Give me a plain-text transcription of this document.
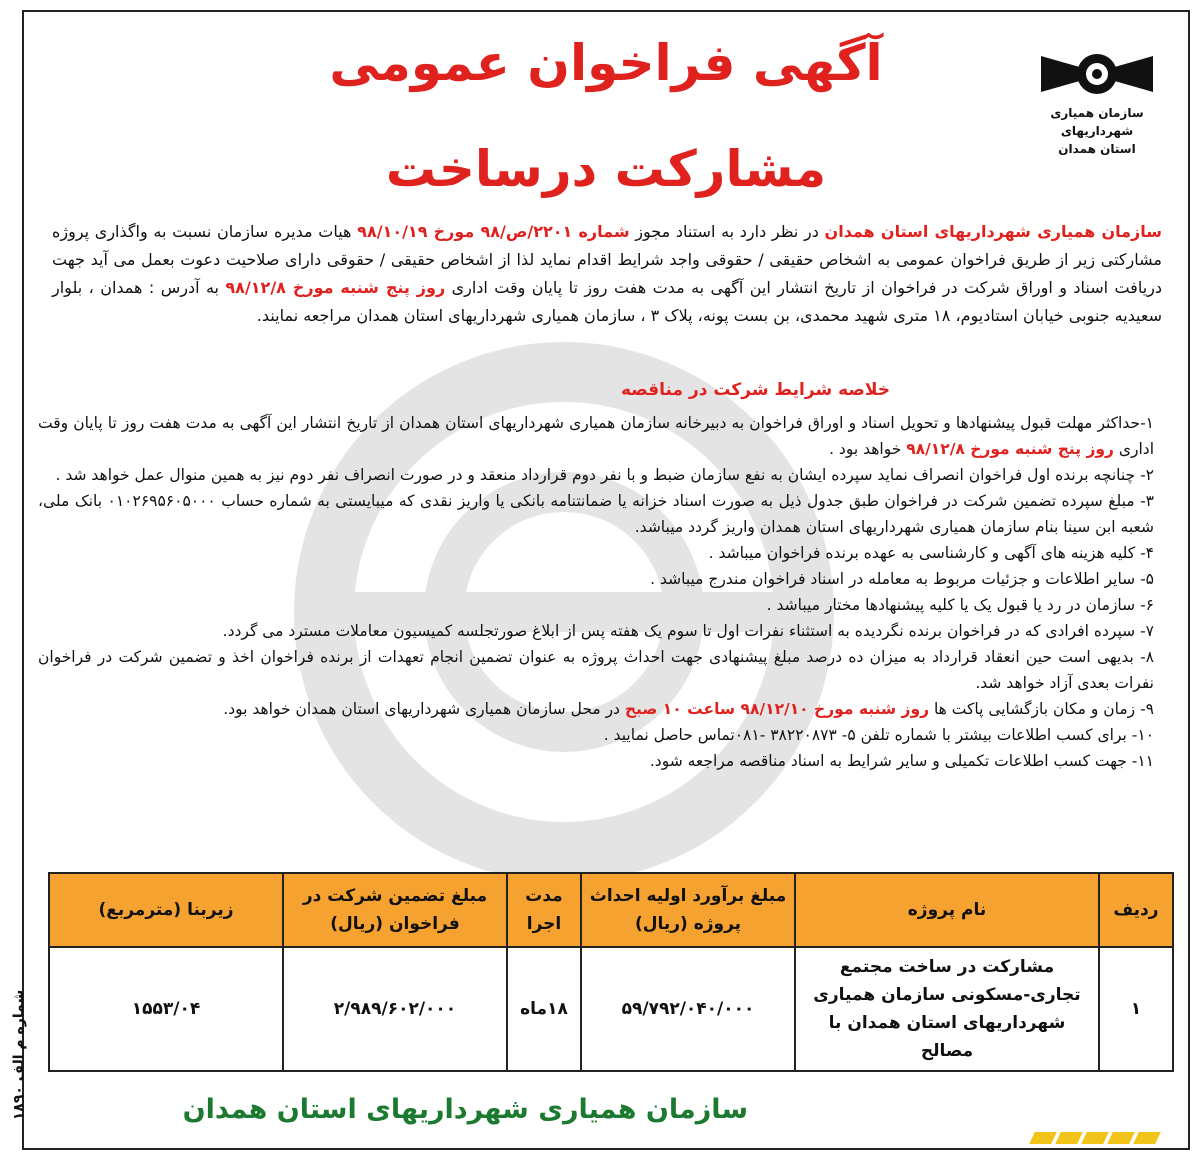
سازمان همیاری شهرداریهای
استان همدان
آگهی فراخوان عمومی
مشارکت درساخت
سازمان همیاری شهرداریهای استان همدان در نظر دارد به استناد مجوز شماره ۲۲۰۱/ص/۹۸ مورخ ۹۸/۱۰/۱۹ هیات مدیره سازمان نسبت به واگذاری پروژه مشارکتی زیر از طریق فراخوان عمومی به اشخاص حقیقی / حقوقی واجد شرایط اقدام نماید لذا از اشخاص حقیقی / حقوقی دارای صلاحیت دعوت بعمل می آید جهت دریافت اسناد و اوراق شرکت در فراخوان از تاریخ انتشار این آگهی به مدت هفت روز تا پایان وقت اداری روز پنج شنبه مورخ ۹۸/۱۲/۸ به آدرس : همدان ، بلوار سعیدیه جنوبی خیابان استادیوم، ۱۸ متری شهید محمدی، بن بست پونه، پلاک ۳ ، سازمان همیاری شهرداریهای استان همدان مراجعه نمایند.
خلاصه شرایط شرکت در مناقصه
۱-حداکثر مهلت قبول پیشنهادها و تحویل اسناد و اوراق فراخوان به دبیرخانه سازمان همیاری شهرداریهای استان همدان از تاریخ انتشار این آگهی به مدت هفت روز تا پایان وقت اداری روز پنج شنبه مورخ ۹۸/۱۲/۸ خواهد بود .
۲- چنانچه برنده اول فراخوان انصراف نماید سپرده ایشان به نفع سازمان ضبط و با نفر دوم قرارداد منعقد و در صورت انصراف نفر دوم نیز به همین منوال عمل خواهد شد .
۳- مبلغ سپرده تضمین شرکت در فراخوان طبق جدول ذیل به صورت اسناد خزانه یا ضمانتنامه بانکی یا واریز نقدی که میبایستی به شماره حساب ۰۱۰۲۶۹۵۶۰۵۰۰۰ بانک ملی، شعبه ابن سینا بنام سازمان همیاری شهرداریهای استان همدان واریز گردد میباشد.
۴- کلیه هزینه های آگهی و کارشناسی به عهده برنده فراخوان میباشد .
۵- سایر اطلاعات و جزئیات مربوط به معامله در اسناد فراخوان مندرج میباشد .
۶- سازمان در رد یا قبول یک یا کلیه پیشنهادها مختار میباشد .
۷- سپرده افرادی که در فراخوان برنده نگردیده به استثناء نفرات اول تا سوم یک هفته پس از ابلاغ صورتجلسه کمیسیون معاملات مسترد می گردد.
۸- بدیهی است حین انعقاد قرارداد به میزان ده درصد مبلغ پیشنهادی جهت احداث پروژه به عنوان تضمین انجام تعهدات از برنده فراخوان اخذ و تضمین شرکت در فراخوان نفرات بعدی آزاد خواهد شد.
۹- زمان و مکان بازگشایی پاکت ها روز شنبه مورخ ۹۸/۱۲/۱۰ ساعت ۱۰ صبح در محل سازمان همیاری شهرداریهای استان همدان خواهد بود.
۱۰- برای کسب اطلاعات بیشتر با شماره تلفن ۵- ۳۸۲۲۰۸۷۳ -۰۸۱تماس حاصل نمایید .
۱۱- جهت کسب اطلاعات تکمیلی و سایر شرایط به اسناد مناقصه مراجعه شود.
ردیف	نام پروژه	مبلغ برآورد اولیه احداث پروژه (ریال)	مدت اجرا	مبلغ تضمین شرکت در فراخوان (ریال)	زیربنا (مترمربع)
۱	مشارکت در ساخت مجتمع تجاری-مسکونی سازمان همیاری شهرداریهای استان همدان با مصالح	۵۹/۷۹۲/۰۴۰/۰۰۰	۱۸ماه	۲/۹۸۹/۶۰۲/۰۰۰	۱۵۵۳/۰۴
سازمان همیاری شهرداریهای استان همدان
شماره م الف ۱۸۹۰
